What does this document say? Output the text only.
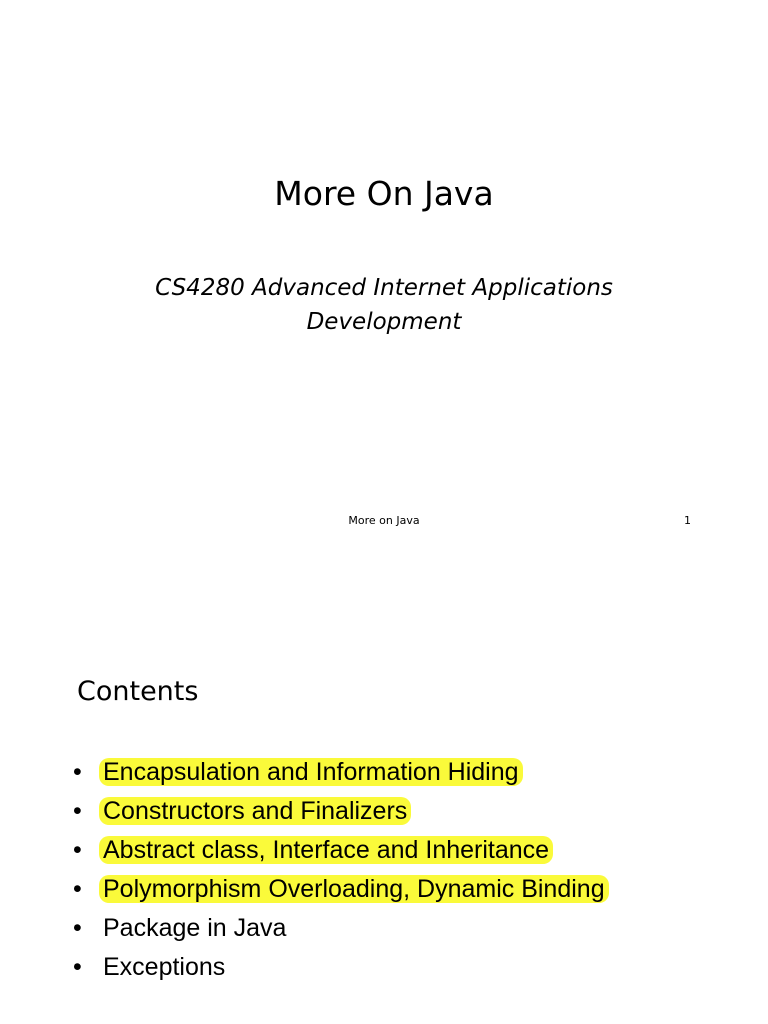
More On Java
CS4280 Advanced Internet Applications
Development
More on Java	1
Contents
• Encapsulation and Information Hiding
• Constructors and Finalizers
• Abstract class, Interface and Inheritance
• Polymorphism Overloading, Dynamic Binding
• Package in Java
• Exceptions
